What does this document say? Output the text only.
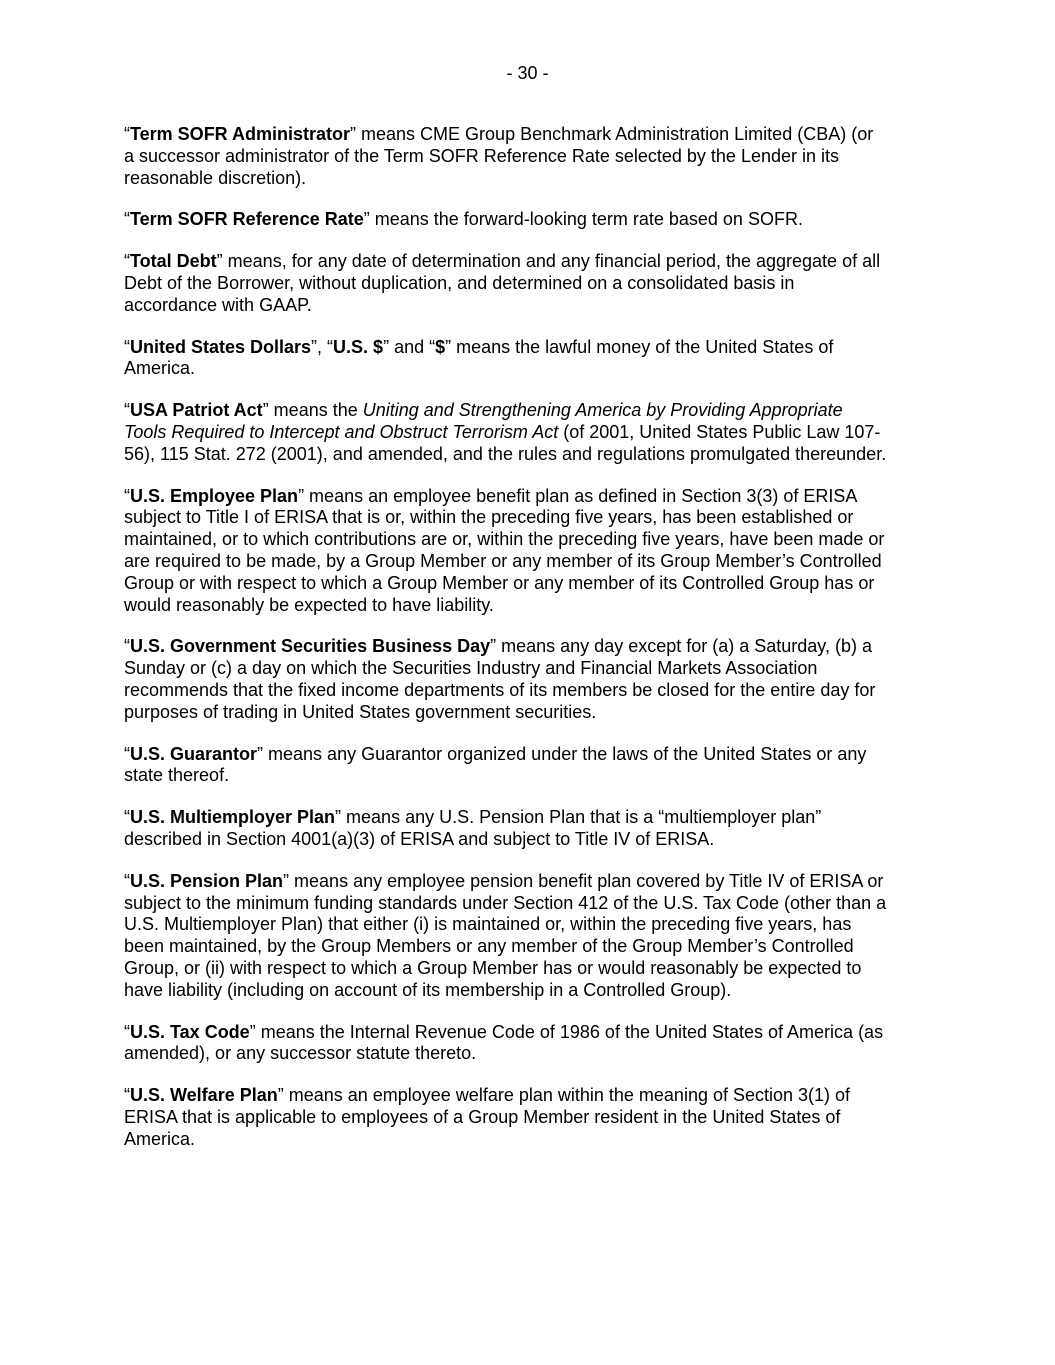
- 30 -

“Term SOFR Administrator” means CME Group Benchmark Administration Limited (CBA) (or
a successor administrator of the Term SOFR Reference Rate selected by the Lender in its
reasonable discretion).

“Term SOFR Reference Rate” means the forward-looking term rate based on SOFR.

“Total Debt” means, for any date of determination and any financial period, the aggregate of all
Debt of the Borrower, without duplication, and determined on a consolidated basis in
accordance with GAAP.

“United States Dollars”, “U.S. $” and “$” means the lawful money of the United States of
America.

“USA Patriot Act” means the Uniting and Strengthening America by Providing Appropriate
Tools Required to Intercept and Obstruct Terrorism Act (of 2001, United States Public Law 107-
56), 115 Stat. 272 (2001), and amended, and the rules and regulations promulgated thereunder.

“U.S. Employee Plan” means an employee benefit plan as defined in Section 3(3) of ERISA
subject to Title I of ERISA that is or, within the preceding five years, has been established or
maintained, or to which contributions are or, within the preceding five years, have been made or
are required to be made, by a Group Member or any member of its Group Member’s Controlled
Group or with respect to which a Group Member or any member of its Controlled Group has or
would reasonably be expected to have liability.

“U.S. Government Securities Business Day” means any day except for (a) a Saturday, (b) a
Sunday or (c) a day on which the Securities Industry and Financial Markets Association
recommends that the fixed income departments of its members be closed for the entire day for
purposes of trading in United States government securities.

“U.S. Guarantor” means any Guarantor organized under the laws of the United States or any
state thereof.

“U.S. Multiemployer Plan” means any U.S. Pension Plan that is a “multiemployer plan”
described in Section 4001(a)(3) of ERISA and subject to Title IV of ERISA.

“U.S. Pension Plan” means any employee pension benefit plan covered by Title IV of ERISA or
subject to the minimum funding standards under Section 412 of the U.S. Tax Code (other than a
U.S. Multiemployer Plan) that either (i) is maintained or, within the preceding five years, has
been maintained, by the Group Members or any member of the Group Member’s Controlled
Group, or (ii) with respect to which a Group Member has or would reasonably be expected to
have liability (including on account of its membership in a Controlled Group).

“U.S. Tax Code” means the Internal Revenue Code of 1986 of the United States of America (as
amended), or any successor statute thereto.

“U.S. Welfare Plan” means an employee welfare plan within the meaning of Section 3(1) of
ERISA that is applicable to employees of a Group Member resident in the United States of
America.
